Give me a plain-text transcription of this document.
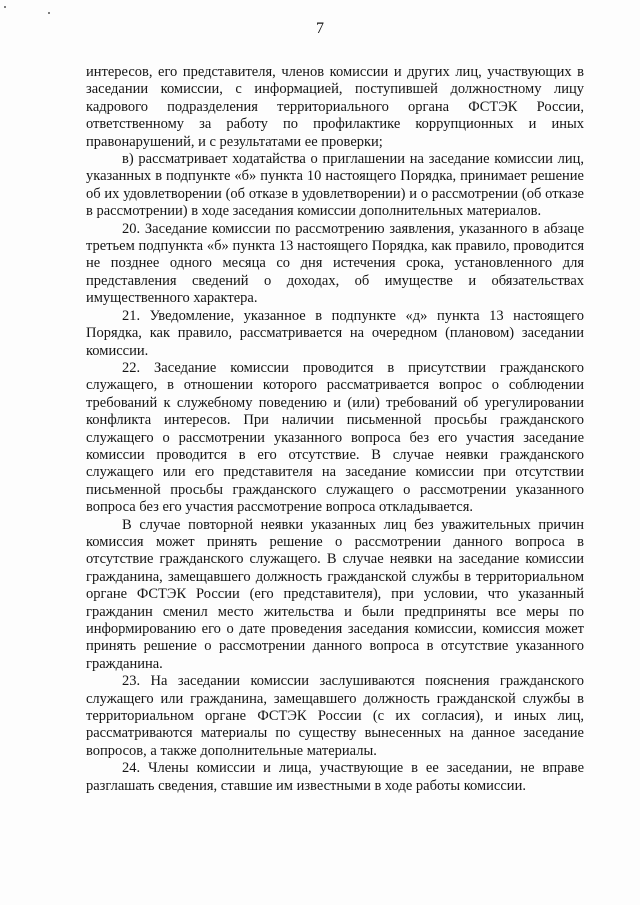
7

интересов, его представителя, членов комиссии и других лиц, участвующих в заседании комиссии, с информацией, поступившей должностному лицу кадрового подразделения территориального органа ФСТЭК России, ответственному за работу по профилактике коррупционных и иных правонарушений, и с результатами ее проверки;

в) рассматривает ходатайства о приглашении на заседание комиссии лиц, указанных в подпункте «б» пункта 10 настоящего Порядка, принимает решение об их удовлетворении (об отказе в удовлетворении) и о рассмотрении (об отказе в рассмотрении) в ходе заседания комиссии дополнительных материалов.

20. Заседание комиссии по рассмотрению заявления, указанного в абзаце третьем подпункта «б» пункта 13 настоящего Порядка, как правило, проводится не позднее одного месяца со дня истечения срока, установленного для представления сведений о доходах, об имуществе и обязательствах имущественного характера.

21. Уведомление, указанное в подпункте «д» пункта 13 настоящего Порядка, как правило, рассматривается на очередном (плановом) заседании комиссии.

22. Заседание комиссии проводится в присутствии гражданского служащего, в отношении которого рассматривается вопрос о соблюдении требований к служебному поведению и (или) требований об урегулировании конфликта интересов. При наличии письменной просьбы гражданского служащего о рассмотрении указанного вопроса без его участия заседание комиссии проводится в его отсутствие. В случае неявки гражданского служащего или его представителя на заседание комиссии при отсутствии письменной просьбы гражданского служащего о рассмотрении указанного вопроса без его участия рассмотрение вопроса откладывается.

В случае повторной неявки указанных лиц без уважительных причин комиссия может принять решение о рассмотрении данного вопроса в отсутствие гражданского служащего. В случае неявки на заседание комиссии гражданина, замещавшего должность гражданской службы в территориальном органе ФСТЭК России (его представителя), при условии, что указанный гражданин сменил место жительства и были предприняты все меры по информированию его о дате проведения заседания комиссии, комиссия может принять решение о рассмотрении данного вопроса в отсутствие указанного гражданина.

23. На заседании комиссии заслушиваются пояснения гражданского служащего или гражданина, замещавшего должность гражданской службы в территориальном органе ФСТЭК России (с их согласия), и иных лиц, рассматриваются материалы по существу вынесенных на данное заседание вопросов, а также дополнительные материалы.

24. Члены комиссии и лица, участвующие в ее заседании, не вправе разглашать сведения, ставшие им известными в ходе работы комиссии.
